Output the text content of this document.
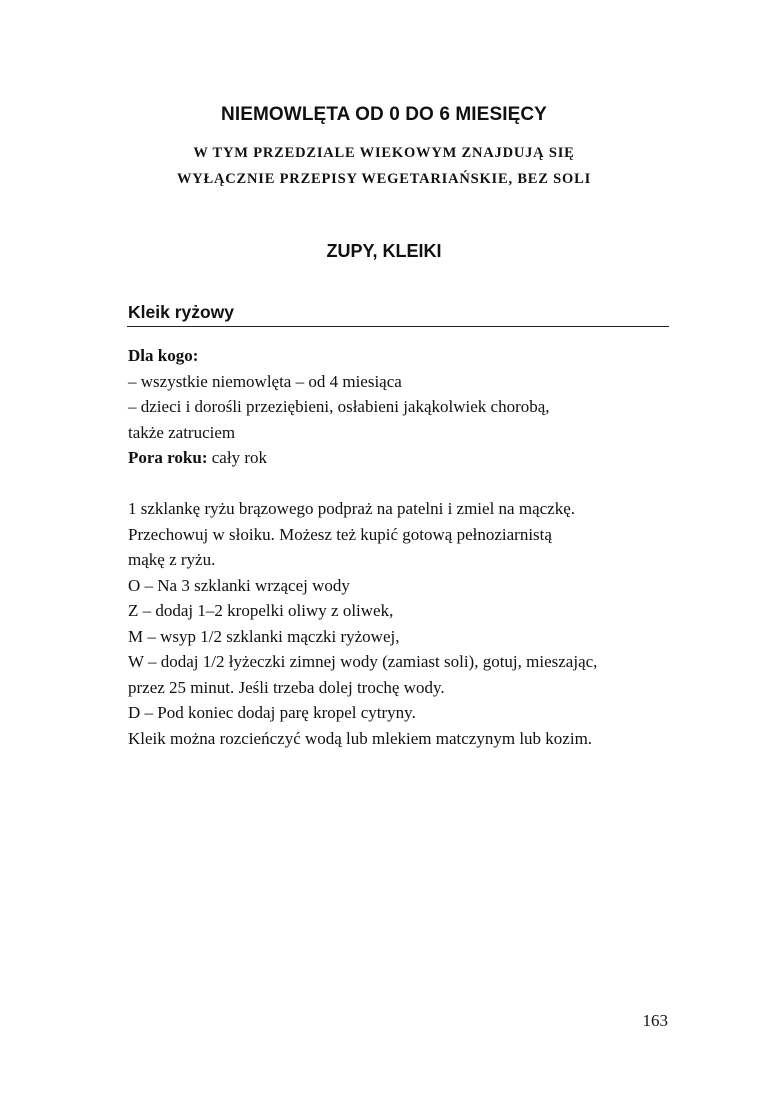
NIEMOWLĘTA OD 0 DO 6 MIESIĘCY
W TYM PRZEDZIALE WIEKOWYM ZNAJDUJĄ SIĘ
WYŁĄCZNIE PRZEPISY WEGETARIAŃSKIE, BEZ SOLI
ZUPY, KLEIKI
Kleik ryżowy
Dla kogo:
– wszystkie niemowlęta – od 4 miesiąca
– dzieci i dorośli przeziębieni, osłabieni jakąkolwiek chorobą,
także zatruciem
Pora roku: cały rok
1 szklankę ryżu brązowego podpraż na patelni i zmiel na mączkę.
Przechowuj w słoiku. Możesz też kupić gotową pełnoziarnistą
mąkę z ryżu.
O – Na 3 szklanki wrzącej wody
Z – dodaj 1–2 kropelki oliwy z oliwek,
M – wsyp 1/2 szklanki mączki ryżowej,
W – dodaj 1/2 łyżeczki zimnej wody (zamiast soli), gotuj, mieszając,
przez 25 minut. Jeśli trzeba dolej trochę wody.
D – Pod koniec dodaj parę kropel cytryny.
Kleik można rozcieńczyć wodą lub mlekiem matczynym lub kozim.
163
